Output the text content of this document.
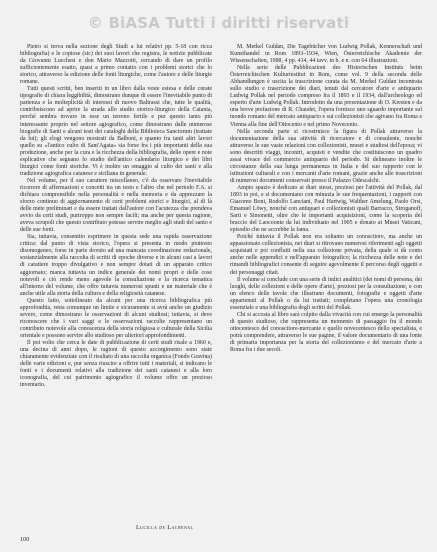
© BiASA Tutti i diritti riservati

Pietro si trova nella sezione degli Studi a lui relativi pp. 5-18 con ricca bibliografia) e le copiose (sic) dei suoi lavori che registra, le notizie pubblicate da Giovanni Lucchesi e don Mario Mazzotti, cercando di dare un profilo sufficientemente esatto, quasi a primo contatto con i problemi storici che lo storico, attraverso la edizione delle fonti liturgiche, come l'autore e delle liturgie romane.

Tutti questi scritti, ben inseriti in un libro dalla veste estesa e delle curate tipografie di chiara leggibilità, dimostrano dunque di essere l'inevitabile punto di partenza e la molteplicità di interessi di nuovo Baltrassi che, tutte le qualità, contribuiscono ad aprire la strada allo studio storico-liturgico della Catania, perché sembra trovare in esse un terreno fertile e pur questo tanto più interessante proprio nel settore agiografico, come dimostrano dalle numerose biografie di Santi e alcuni testi dei cataloghi della Biblioteca Sanctorum (trattate da lui); gli elogi vengono mostrati da Balboni, e quanto fra tanti altri lavori quello su «l'antico culto di Sant'Agata» sia forse fra i più importanti della sua produzione, anche per la cura e la ricchezza della bibliografia, delle opere e note esplicative che segnano lo studio dell'antico calendario liturgico e dei libri liturgici come fonti storiche. Vi è inoltre un omaggio al culto dei santi e alla tradizione agiografica catanese e siciliana in generale.

Nel volume, per il suo carattere miscellaneo, c'è da osservare l'inevitabile ricorrere di affermazioni e concetti tra un testo e l'altro che nel periodo F.A. si dichiara comprensibile nella personalità e nella memoria e da apprezzare la sforzo continuo di aggiornamento di certi problemi storici e liturgici, al di là delle mete preliminari e da essere trattati dall'autore con l'acutezza che prendeva avvio da certi studi, purtroppo non sempre facili; ma anche per questa ragione, aveva scrupoli che questo contributo potesse servire meglio agli studi del santo e delle sue fonti.

Sia, tuttavia, consentito esprimere in questa sede una rapida osservazione critica: dal punto di vista storico, l'opera si presenta in modo piuttosto disomogeneo, forse in parte dovuto ad una mancata coordinazione redazionale, sostanzialmente alla raccolta di scritti di epoche diverse e in alcuni casi a lavori di carattere troppo divulgativo e non sempre dotati di un apparato critico aggiornato; manca tuttavia un indice generale dei nomi propri e delle cose notevoli e ciò rende meno agevole la consultazione e la ricerca tematica all'interno del volume, che offre tuttavia numerosi spunti e un materiale che è anche utile alla storia della cultura e della religiosità catanese.

Questo fatto, sottolineato da alcuni per una ricerca bibliografica più approfondita, resta comunque un limite e sicuramente si avrà anche un giudizio severo, come dimostrano le osservazioni di alcuni studiosi; tuttavia, si deve riconoscere che i vari saggi e le osservazioni raccolte rappresentano un contributo notevole alla conoscenza della storia religiosa e culturale della Sicilia orientale e possono servire allo studioso per ulteriori approfondimenti.

Il poi volto che cerca le date di pubblicazione di certi studi risale a 1960 e, una decina di anni dopo, le ragioni di questo accorgimento sono state chiaramente evidenziate con il risultato di una raccolta organica (Fondo Gravina) delle varie edizioni e, pur senza riuscire a offrire tutti i materiali, si indicano le fonti e i documenti relativi alla tradizione dei santi catanesi e alla loro iconografia, del cui patrimonio agiografico il volume offre un prezioso inventario.

M. Merkel Guldan, Die Tagebücher von Ludwig Pollak, Kennerschaft und Kunsthandel in Rom 1893–1934, Wien, Österreichische Akademie der Wissenschaften, 1988, 4 pp. 414, 44 tavv. in b. e n. con 64 illustrazioni.

Nella serie delle Pubblicazioni des Historischen Instituts beim Österreichischen Kulturinstitut in Rom, come vol. 9 della seconda delle Abhandlungen è uscita la trascrizione curata da M. Merkel Guldan incentrata sullo studio e trascrizione dei diari, tenuti dal cercatore d'arte e antiquario Ludwig Pollak nel periodo compreso fra il 1893 e il 1934, dall'archeologo ed esperto d'arte Ludwig Pollak. Introdotto da una presentazione di O. Kresten e da una breve prefazione di R. Chaudet, l'opera fornisce uno sguardo importante sul mondo romano del mercato antiquario e sui collezionisti che agivano fra Roma e Vienna alla fine dell'Ottocento e nel primo Novecento.

Nella seconda parte si ricostruisce la figura di Pollak attraverso la documentazione della sua attività di ricercatore e di consulente, nonché attraverso le sue vaste relazioni con collezionisti, musei e studiosi dell'epoca; vi sono descritti viaggi, incontri, acquisti e vendite che costituiscono un quadro assai vivace del commercio antiquario del periodo. Si delineano inoltre le circostanze della sua lunga permanenza in Italia e del suo rapporto con le istituzioni culturali e con i mercanti d'arte romani, grazie anche alle trascrizioni di numerosi documenti conservati presso il Palazzo Odescalchi.

Ampio spazio è dedicato ai diari stessi, preziosi per l'attività del Pollak, dal 1893 in poi, e si documentano con minuzia le sue frequentazioni, i rapporti con Giacomo Boni, Rodolfo Lanciani, Paul Hartwig, Walther Amelung, Paolo Orsi, Emanuel Löwy, nonché con antiquari e collezionisti quali Barracco, Stroganoff, Sarti e Simonetti, oltre che le importanti acquisizioni, come la scoperta del braccio del Laocoonte da lui individuato nel 1905 e donato ai Musei Vaticani, episodio che ne accrebbe la fama.

Poiché tuttavia il Pollak non era soltanto un conoscitore, ma anche un appassionato collezionista, nei diari si ritrovano numerosi riferimenti agli oggetti acquistati e poi confluiti nella sua collezione privata, della quale si dà conto anche nelle appendici e nell'apparato fotografico; la ricchezza delle note e dei rimandi bibliografici consente di seguire agevolmente il percorso degli oggetti e dei personaggi citati.

Il volume si conclude con una serie di indici analitici (dei nomi di persona, dei luoghi, delle collezioni e delle opere d'arte), preziosi per la consultazione, e con un elenco delle tavole che illustrano documenti, fotografie e oggetti d'arte appartenuti al Pollak o da lui trattati; completano l'opera una cronologia essenziale e una bibliografia degli scritti del Pollak.

Chi si accosta al libro sarà colpito dalla vivacità con cui emerge la personalità di questo studioso, che rappresenta un momento di passaggio fra il mondo ottocentesco del conoscitore-mercante e quello novecentesco dello specialista, e potrà comprendere, attraverso le sue pagine, il valore documentario di una fonte di primaria importanza per la storia del collezionismo e del mercato d'arte a Roma fra i due secoli.

Lucilla de Lachenal
100
